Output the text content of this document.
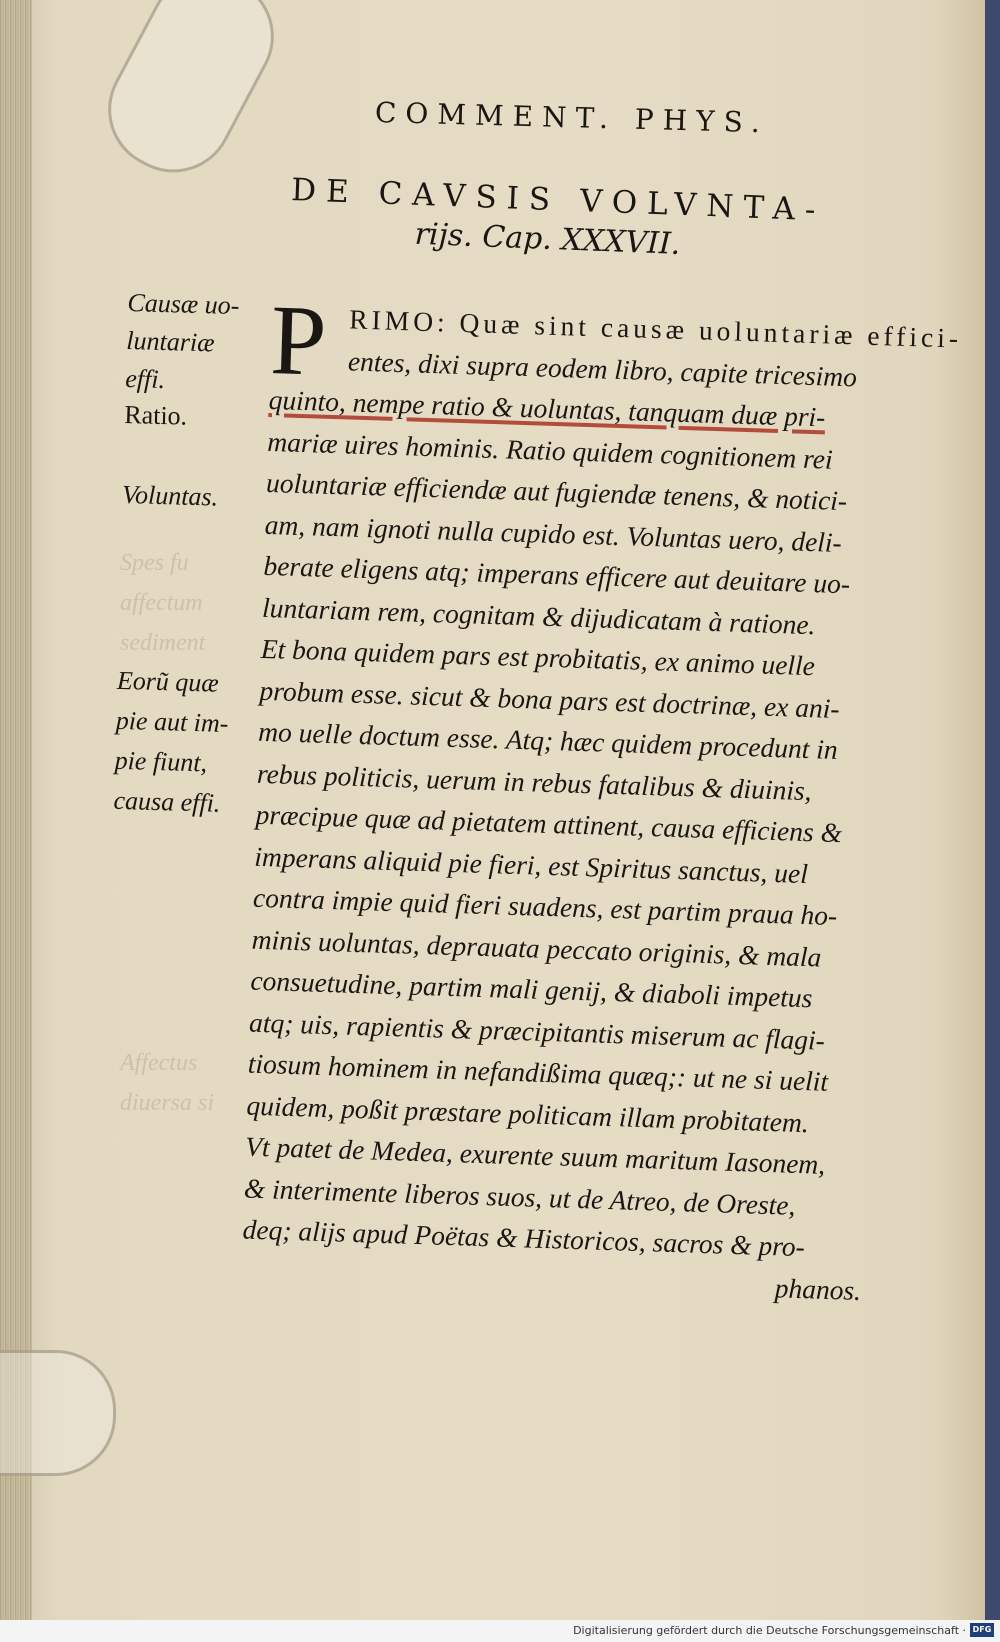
Spes fu
affectum
sediment
Affectus
diuersa si
COMMENT. PHYS.
DE CAVSIS VOLVNTA-
rijs. Cap. XXXVII.
Causæ uo-
luntariæ
effi.
Ratio.
Voluntas.
Eorũ quæ
pie aut im-
pie fiunt,
causa effi.
P RIMO: Quæ sint causæ uoluntariæ effici-
entes, dixi supra eodem libro, capite tricesimo
quinto, nempe ratio & uoluntas, tanquam duæ pri-
mariæ uires hominis. Ratio quidem cognitionem rei
uoluntariæ efficiendæ aut fugiendæ tenens, & notici-
am, nam ignoti nulla cupido est. Voluntas uero, deli-
berate eligens atq; imperans efficere aut deuitare uo-
luntariam rem, cognitam & dijudicatam à ratione.
Et bona quidem pars est probitatis, ex animo uelle
probum esse. sicut & bona pars est doctrinæ, ex ani-
mo uelle doctum esse. Atq; hæc quidem procedunt in
rebus politicis, uerum in rebus fatalibus & diuinis,
præcipue quæ ad pietatem attinent, causa efficiens &
imperans aliquid pie fieri, est Spiritus sanctus, uel
contra impie quid fieri suadens, est partim praua ho-
minis uoluntas, deprauata peccato originis, & mala
consuetudine, partim mali genij, & diaboli impetus
atq; uis, rapientis & præcipitantis miserum ac flagi-
tiosum hominem in nefandißima quæq;: ut ne si uelit
quidem, poßit præstare politicam illam probitatem.
Vt patet de Medea, exurente suum maritum Iasonem,
& interimente liberos suos, ut de Atreo, de Oreste,
deq; alijs apud Poëtas & Historicos, sacros & pro-
phanos.
Digitalisierung gefördert durch die Deutsche Forschungsgemeinschaft · DFG
